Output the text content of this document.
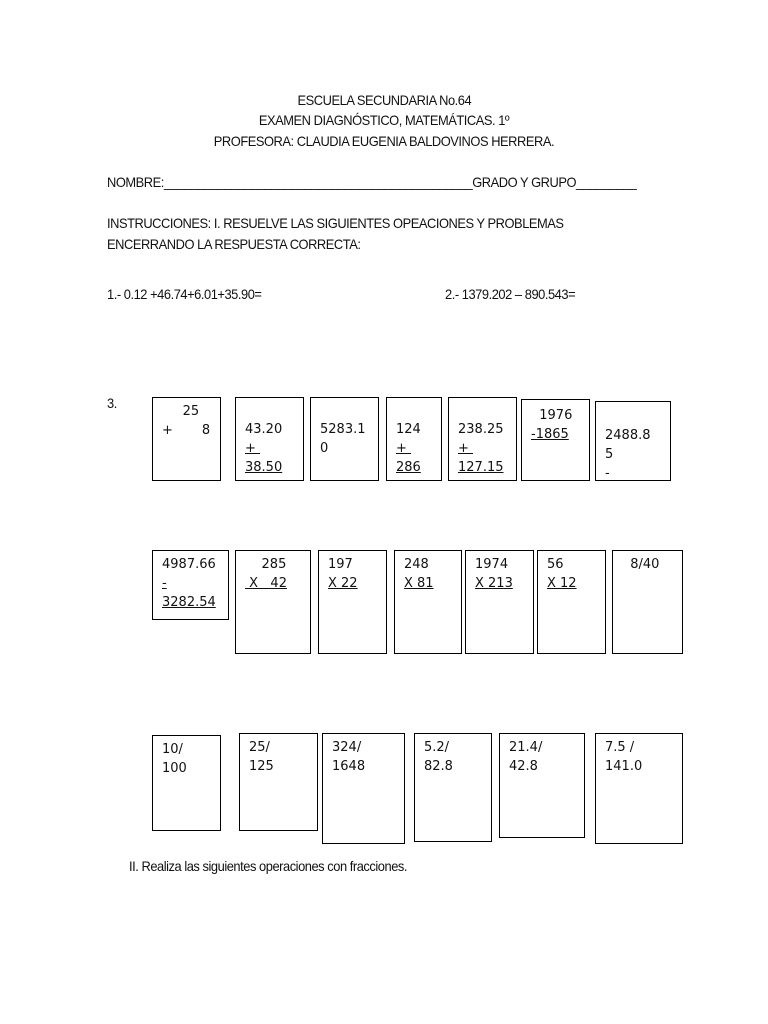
ESCUELA SECUNDARIA No.64
EXAMEN DIAGNÓSTICO, MATEMÁTICAS. 1º
PROFESORA: CLAUDIA EUGENIA BALDOVINOS HERRERA.
NOMBRE:______________________________________________GRADO Y GRUPO_________
INSTRUCCIONES: I. RESUELVE LAS SIGUIENTES OPEACIONES Y PROBLEMAS
ENCERRANDO LA RESPUESTA CORRECTA:
1.- 0.12 +46.74+6.01+35.90=	2.- 1379.202 – 890.543=
3.
25
+       8	43.20
+
38.50
5283.1
0
124
+
286
238.25
+
127.15
1976
-1865	2488.8
5
-
4987.66
-
3282.54
285
X   42
197
X 22
248
X 81
1974
X 213
56
X 12
8/40
10/
100
25/
125
324/
1648
5.2/
82.8
21.4/
42.8
7.5 /
141.0
II. Realiza las siguientes operaciones con fracciones.
